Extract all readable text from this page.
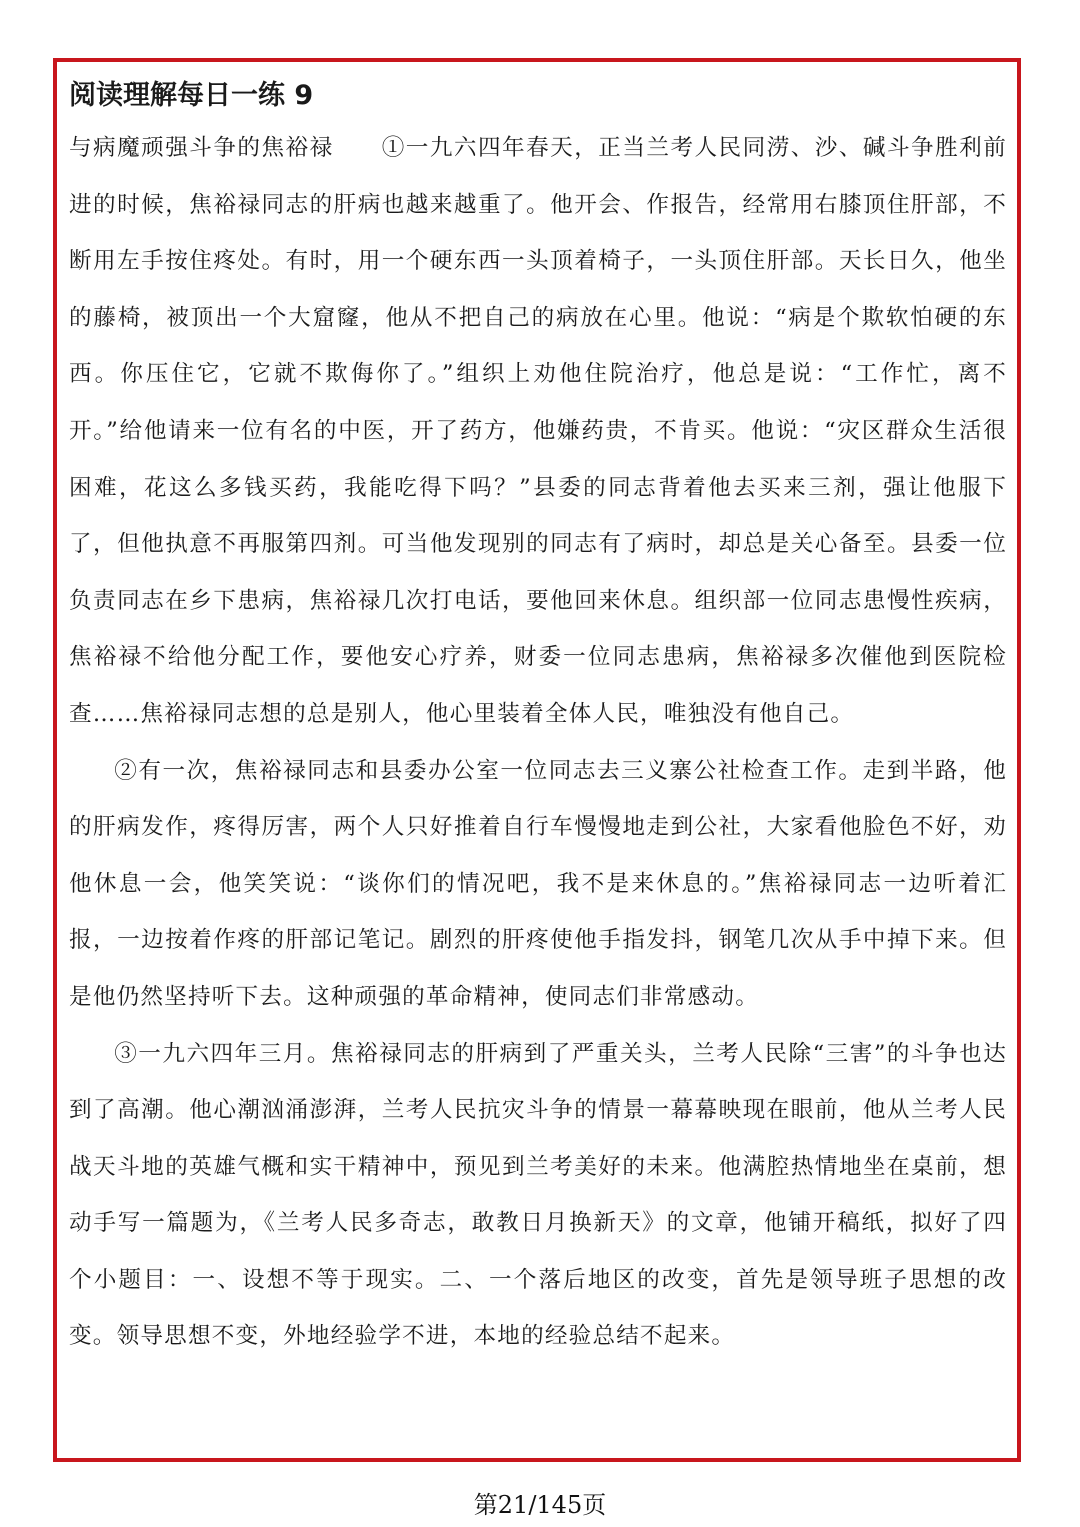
阅读理解每日一练 9

与病魔顽强斗争的焦裕禄　　①一九六四年春天，正当兰考人民同涝、沙、碱斗争胜利前进的时候，焦裕禄同志的肝病也越来越重了。他开会、作报告，经常用右膝顶住肝部，不断用左手按住疼处。有时，用一个硬东西一头顶着椅子，一头顶住肝部。天长日久，他坐的藤椅，被顶出一个大窟窿，他从不把自己的病放在心里。他说：“病是个欺软怕硬的东西。你压住它，它就不欺侮你了。”组织上劝他住院治疗，他总是说：“工作忙，离不开。”给他请来一位有名的中医，开了药方，他嫌药贵，不肯买。他说：“灾区群众生活很困难，花这么多钱买药，我能吃得下吗？”县委的同志背着他去买来三剂，强让他服下了，但他执意不再服第四剂。可当他发现别的同志有了病时，却总是关心备至。县委一位负责同志在乡下患病，焦裕禄几次打电话，要他回来休息。组织部一位同志患慢性疾病，焦裕禄不给他分配工作，要他安心疗养，财委一位同志患病，焦裕禄多次催他到医院检查……焦裕禄同志想的总是别人，他心里装着全体人民，唯独没有他自己。

②有一次，焦裕禄同志和县委办公室一位同志去三义寨公社检查工作。走到半路，他的肝病发作，疼得厉害，两个人只好推着自行车慢慢地走到公社，大家看他脸色不好，劝他休息一会，他笑笑说：“谈你们的情况吧，我不是来休息的。”焦裕禄同志一边听着汇报，一边按着作疼的肝部记笔记。剧烈的肝疼使他手指发抖，钢笔几次从手中掉下来。但是他仍然坚持听下去。这种顽强的革命精神，使同志们非常感动。

③一九六四年三月。焦裕禄同志的肝病到了严重关头，兰考人民除“三害”的斗争也达到了高潮。他心潮汹涌澎湃，兰考人民抗灾斗争的情景一幕幕映现在眼前，他从兰考人民战天斗地的英雄气概和实干精神中，预见到兰考美好的未来。他满腔热情地坐在桌前，想动手写一篇题为，《兰考人民多奇志，敢教日月换新天》的文章，他铺开稿纸，拟好了四个小题目：一、设想不等于现实。二、一个落后地区的改变，首先是领导班子思想的改变。领导思想不变，外地经验学不进，本地的经验总结不起来。

第21/145页
